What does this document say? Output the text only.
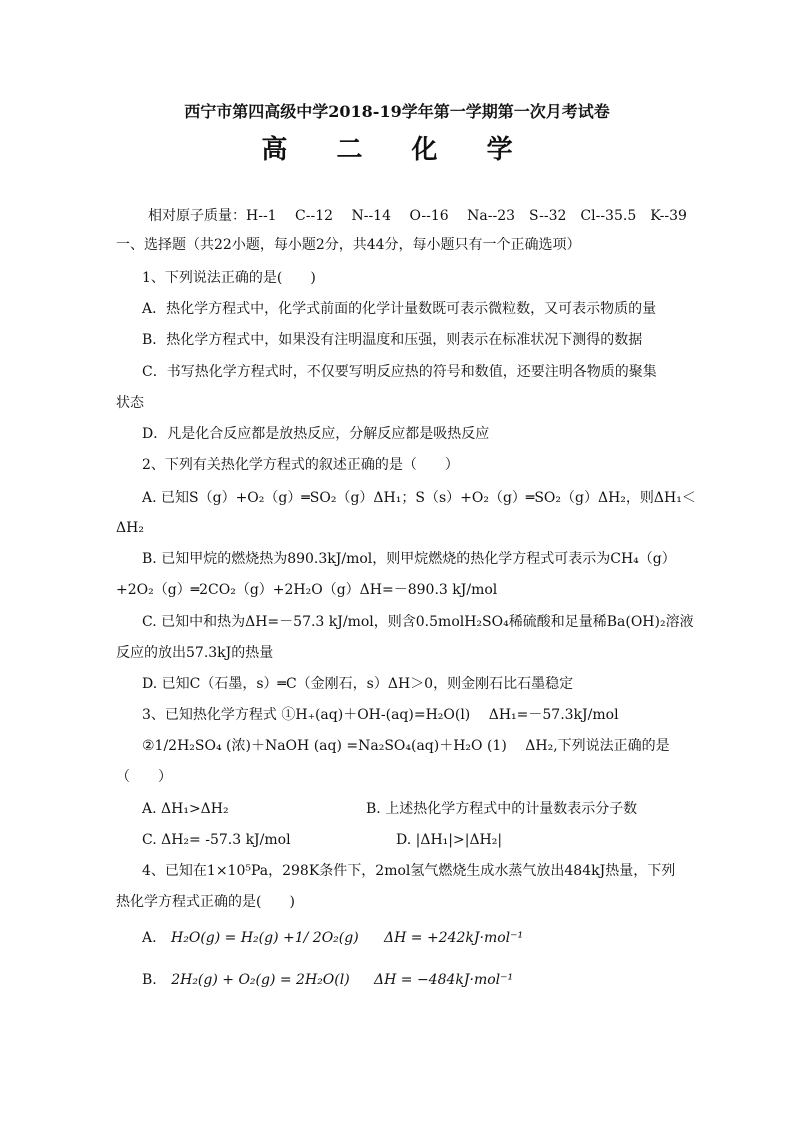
西宁市第四高级中学2018-19学年第一学期第一次月考试卷
高 二 化 学
相对原子质量：H--1　 C--12　 N--14　 O--16　 Na--23　S--32　Cl--35.5　K--39
一、选择题（共22小题，每小题2分，共44分，每小题只有一个正确选项）
1、下列说法正确的是(　　)
A．热化学方程式中，化学式前面的化学计量数既可表示微粒数，又可表示物质的量
B．热化学方程式中，如果没有注明温度和压强，则表示在标准状况下测得的数据
C．书写热化学方程式时，不仅要写明反应热的符号和数值，还要注明各物质的聚集
状态
D．凡是化合反应都是放热反应，分解反应都是吸热反应
2、下列有关热化学方程式的叙述正确的是（　　）
A. 已知S（g）+O₂（g）═SO₂（g）ΔH₁；S（s）+O₂（g）═SO₂（g）ΔH₂，则ΔH₁＜
ΔH₂
B. 已知甲烷的燃烧热为890.3kJ/mol，则甲烷燃烧的热化学方程式可表示为CH₄（g）
+2O₂（g）═2CO₂（g）+2H₂O（g）ΔH=－890.3 kJ/mol
C. 已知中和热为ΔH=－57.3 kJ/mol，则含0.5molH₂SO₄稀硫酸和足量稀Ba(OH)₂溶液
反应的放出57.3kJ的热量
D. 已知C（石墨，s）═C（金刚石，s）ΔH＞0，则金刚石比石墨稳定
3、已知热化学方程式 ①H₊(aq)＋OH-(aq)=H₂O(l)　 ΔH₁=－57.3kJ/mol
②1/2H₂SO₄ (浓)＋NaOH (aq) =Na₂SO₄(aq)＋H₂O (1)　 ΔH₂,下列说法正确的是
（　　）
A. ΔH₁>ΔH₂	B. 上述热化学方程式中的计量数表示分子数
C. ΔH₂= -57.3 kJ/mol	D. |ΔH₁|>|ΔH₂|
4、已知在1×10⁵Pa，298K条件下，2mol氢气燃烧生成水蒸气放出484kJ热量，下列
热化学方程式正确的是(　　)
A. H₂O(g) = H₂(g) +1/ 2O₂(g) ΔH = +242kJ·mol⁻¹
B. 2H₂(g) + O₂(g) = 2H₂O(l) ΔH = −484kJ·mol⁻¹
